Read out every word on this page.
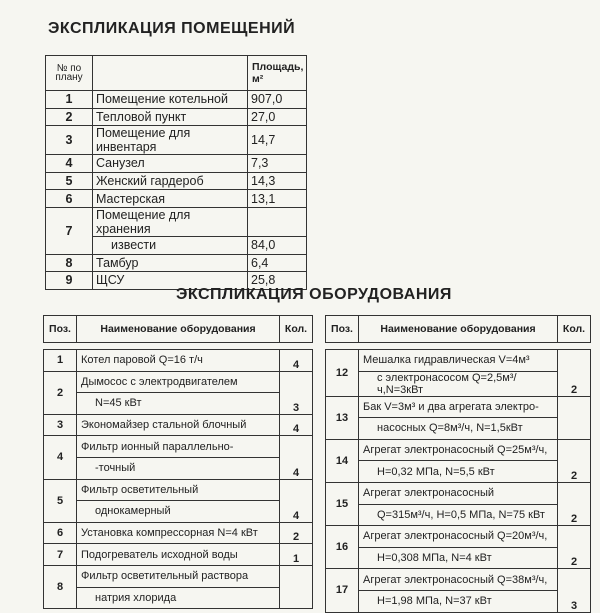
ЭКСПЛИКАЦИЯ ПОМЕЩЕНИЙ
№ по плану		Площадь, м²
1	Помещение котельной	907,0
2	Тепловой пункт	27,0
3	Помещение для инвентаря	14,7
4	Санузел	7,3
5	Женский гардероб	14,3
6	Мастерская	13,1
7	Помещение для хранения	
	извести	84,0
8	Тамбур	6,4
9	ЩСУ	25,8
ЭКСПЛИКАЦИЯ ОБОРУДОВАНИЯ
Поз.	Наименование оборудования	Кол.

1	Котел паровой Q=16 т/ч	4
2	Дымосос с электродвигателем	3
	N=45 кВт	
3	Экономайзер стальной блочный	4
4	Фильтр ионный параллельно-	4
	-точный	
5	Фильтр осветительный	4
	однокамерный	
6	Установка компрессорная N=4 кВт	2
7	Подогреватель исходной воды	1
8	Фильтр осветительный раствора	
	натрия хлорида	
Поз.	Наименование оборудования	Кол.

12	Мешалка гидравлическая V=4м³	2
	с электронасосом Q=2,5м³/ч,N=3кВт	
13	Бак V=3м³ и два агрегата электро-	
	насосных Q=8м³/ч, N=1,5кВт	
14	Агрегат электронасосный Q=25м³/ч,	2
	H=0,32 МПа, N=5,5 кВт	
15	Агрегат электронасосный	2
	Q=315м³/ч, H=0,5 МПа, N=75 кВт	
16	Агрегат электронасосный Q=20м³/ч,	2
	H=0,308 МПа, N=4 кВт	
17	Агрегат электронасосный Q=38м³/ч,	3
	H=1,98 МПа, N=37 кВт	
